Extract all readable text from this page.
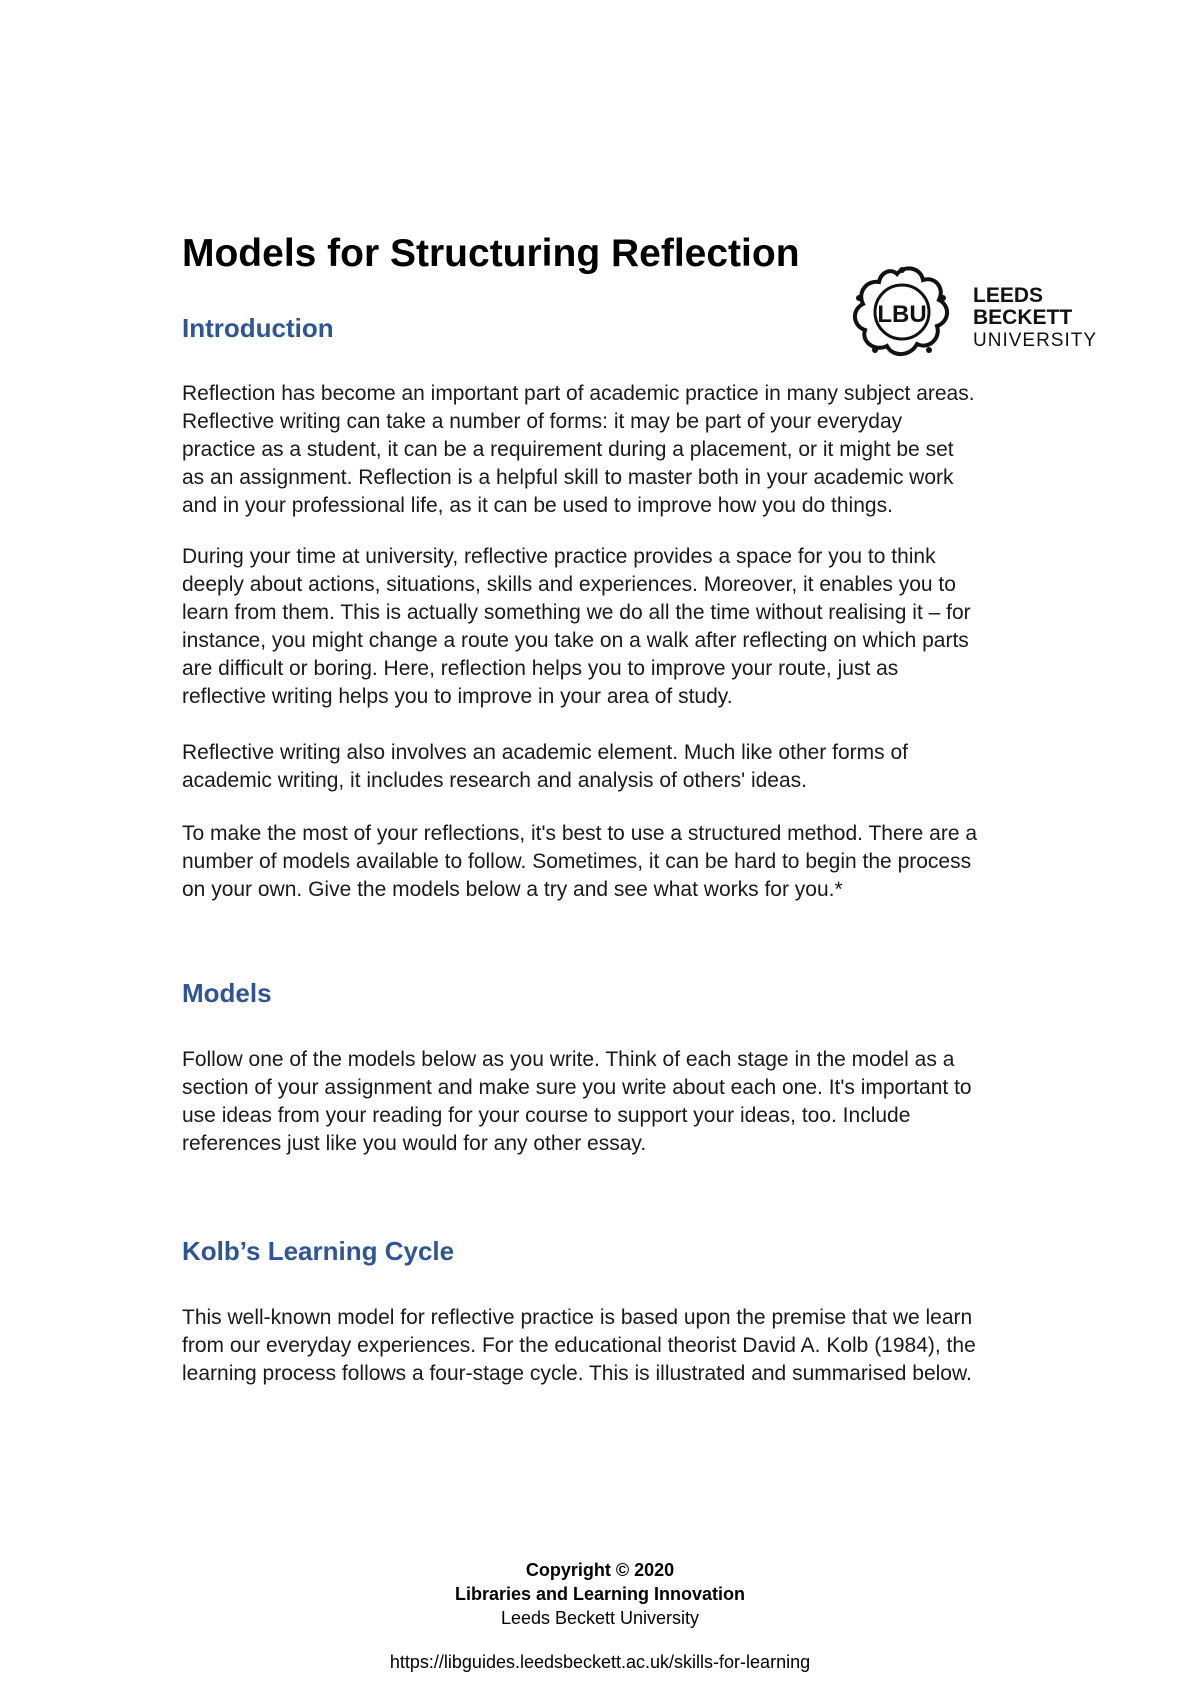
Models for Structuring Reflection
LBU
LEEDS
BECKETT
UNIVERSITY
Introduction

Reflection has become an important part of academic practice in many subject areas.
Reflective writing can take a number of forms: it may be part of your everyday
practice as a student, it can be a requirement during a placement, or it might be set
as an assignment. Reflection is a helpful skill to master both in your academic work
and in your professional life, as it can be used to improve how you do things.

During your time at university, reflective practice provides a space for you to think
deeply about actions, situations, skills and experiences. Moreover, it enables you to
learn from them. This is actually something we do all the time without realising it – for
instance, you might change a route you take on a walk after reflecting on which parts
are difficult or boring. Here, reflection helps you to improve your route, just as
reflective writing helps you to improve in your area of study.

Reflective writing also involves an academic element. Much like other forms of
academic writing, it includes research and analysis of others' ideas.

To make the most of your reflections, it's best to use a structured method. There are a
number of models available to follow. Sometimes, it can be hard to begin the process
on your own. Give the models below a try and see what works for you.*

Models

Follow one of the models below as you write. Think of each stage in the model as a
section of your assignment and make sure you write about each one. It's important to
use ideas from your reading for your course to support your ideas, too. Include
references just like you would for any other essay.

Kolb’s Learning Cycle

This well-known model for reflective practice is based upon the premise that we learn
from our everyday experiences. For the educational theorist David A. Kolb (1984), the
learning process follows a four-stage cycle. This is illustrated and summarised below.

Copyright © 2020
Libraries and Learning Innovation
Leeds Beckett University
https://libguides.leedsbeckett.ac.uk/skills-for-learning
